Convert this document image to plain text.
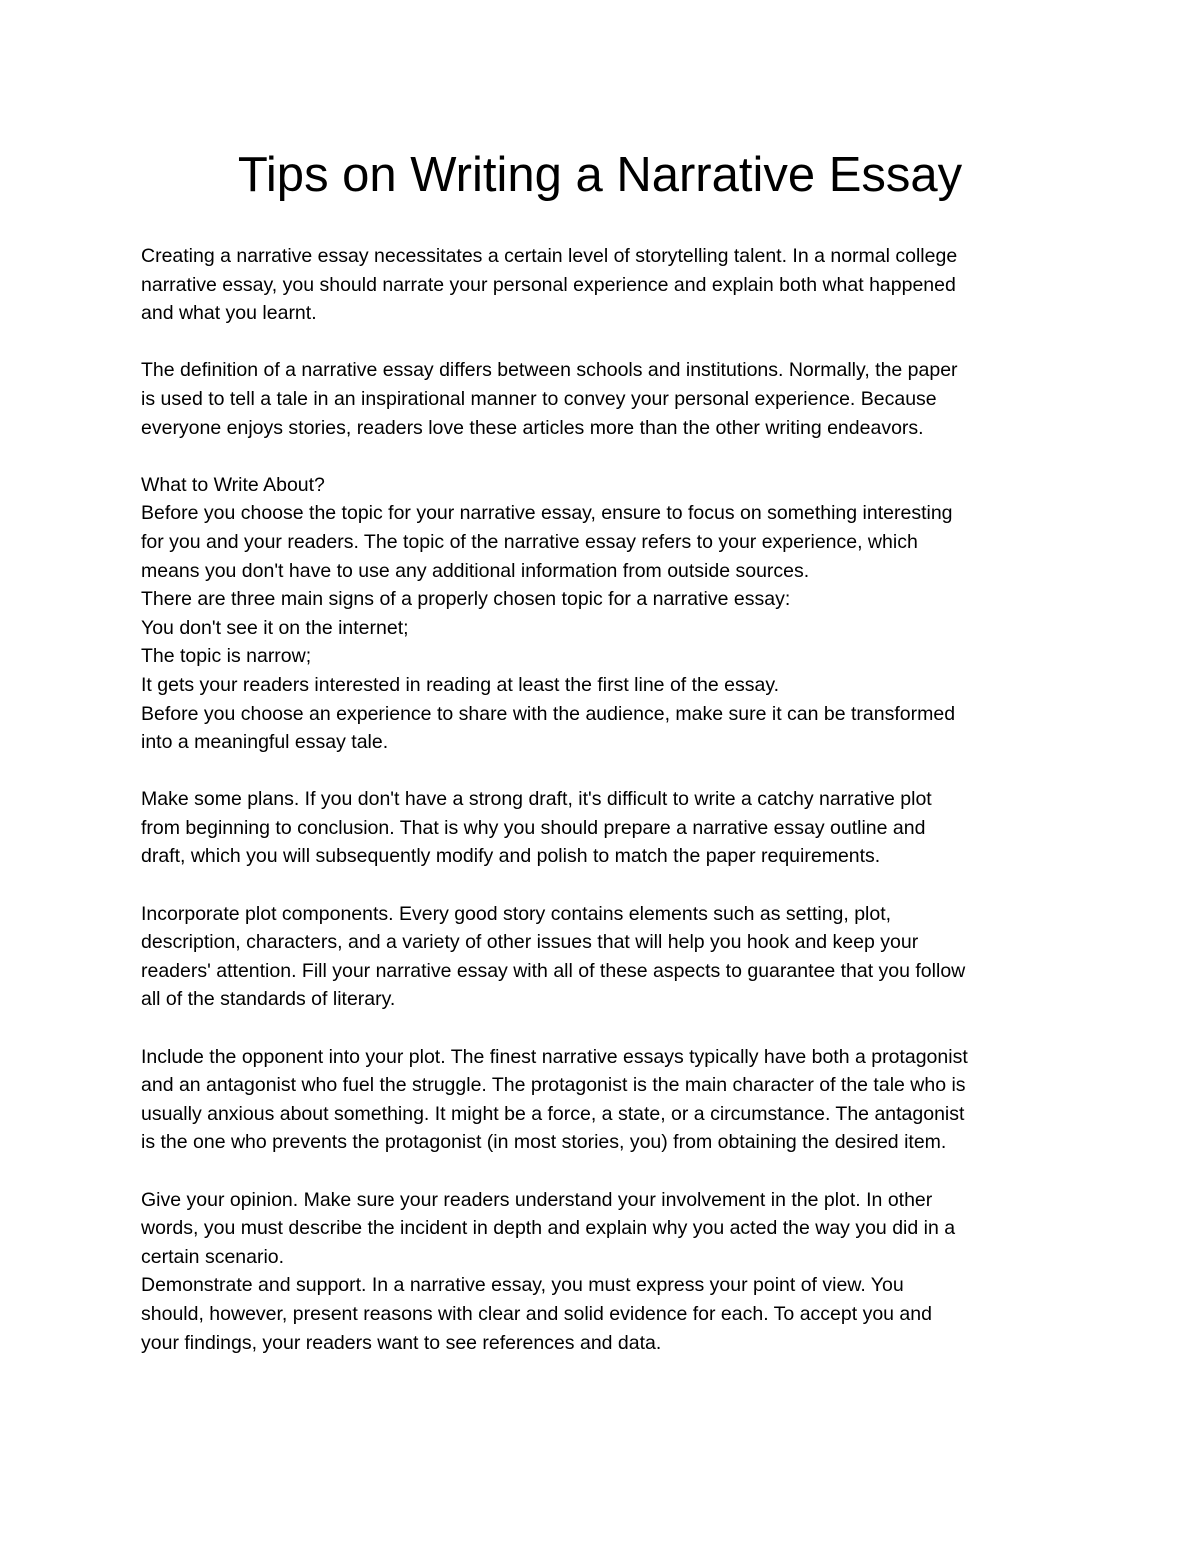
Tips on Writing a Narrative Essay
Creating a narrative essay necessitates a certain level of storytelling talent. In a normal college
narrative essay, you should narrate your personal experience and explain both what happened
and what you learnt.
The definition of a narrative essay differs between schools and institutions. Normally, the paper
is used to tell a tale in an inspirational manner to convey your personal experience. Because
everyone enjoys stories, readers love these articles more than the other writing endeavors.
What to Write About?
Before you choose the topic for your narrative essay, ensure to focus on something interesting
for you and your readers. The topic of the narrative essay refers to your experience, which
means you don't have to use any additional information from outside sources.
There are three main signs of a properly chosen topic for a narrative essay:
You don't see it on the internet;
The topic is narrow;
It gets your readers interested in reading at least the first line of the essay.
Before you choose an experience to share with the audience, make sure it can be transformed
into a meaningful essay tale.
Make some plans. If you don't have a strong draft, it's difficult to write a catchy narrative plot
from beginning to conclusion. That is why you should prepare a narrative essay outline and
draft, which you will subsequently modify and polish to match the paper requirements.
Incorporate plot components. Every good story contains elements such as setting, plot,
description, characters, and a variety of other issues that will help you hook and keep your
readers' attention. Fill your narrative essay with all of these aspects to guarantee that you follow
all of the standards of literary.
Include the opponent into your plot. The finest narrative essays typically have both a protagonist
and an antagonist who fuel the struggle. The protagonist is the main character of the tale who is
usually anxious about something. It might be a force, a state, or a circumstance. The antagonist
is the one who prevents the protagonist (in most stories, you) from obtaining the desired item.
Give your opinion. Make sure your readers understand your involvement in the plot. In other
words, you must describe the incident in depth and explain why you acted the way you did in a
certain scenario.
Demonstrate and support. In a narrative essay, you must express your point of view. You
should, however, present reasons with clear and solid evidence for each. To accept you and
your findings, your readers want to see references and data.
